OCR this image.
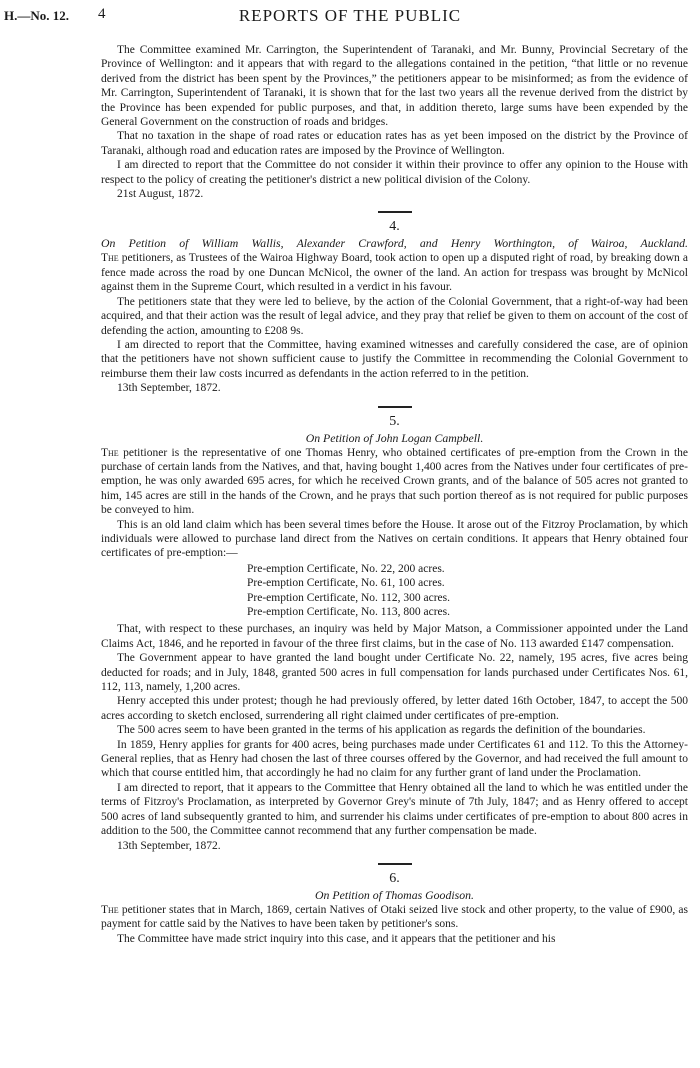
H.—No. 12. 4	REPORTS OF THE PUBLIC

The Committee examined Mr. Carrington, the Superintendent of Taranaki, and Mr. Bunny, Provincial Secretary of the Province of Wellington: and it appears that with regard to the allegations contained in the petition, “that little or no revenue derived from the district has been spent by the Provinces,” the petitioners appear to be misinformed; as from the evidence of Mr. Carrington, Superintendent of Taranaki, it is shown that for the last two years all the revenue derived from the district by the Province has been expended for public purposes, and that, in addition thereto, large sums have been expended by the General Government on the construction of roads and bridges.

That no taxation in the shape of road rates or education rates has as yet been imposed on the district by the Province of Taranaki, although road and education rates are imposed by the Province of Wellington.

I am directed to report that the Committee do not consider it within their province to offer any opinion to the House with respect to the policy of creating the petitioner's district a new political division of the Colony.

21st August, 1872.

4.
On Petition of William Wallis, Alexander Crawford, and Henry Worthington, of Wairoa, Auckland.

The petitioners, as Trustees of the Wairoa Highway Board, took action to open up a disputed right of road, by breaking down a fence made across the road by one Duncan McNicol, the owner of the land. An action for trespass was brought by McNicol against them in the Supreme Court, which resulted in a verdict in his favour.

The petitioners state that they were led to believe, by the action of the Colonial Government, that a right-of-way had been acquired, and that their action was the result of legal advice, and they pray that relief be given to them on account of the cost of defending the action, amounting to £208 9s.

I am directed to report that the Committee, having examined witnesses and carefully considered the case, are of opinion that the petitioners have not shown sufficient cause to justify the Committee in recommending the Colonial Government to reimburse them their law costs incurred as defendants in the action referred to in the petition.

13th September, 1872.

5.
On Petition of John Logan Campbell.

The petitioner is the representative of one Thomas Henry, who obtained certificates of pre-emption from the Crown in the purchase of certain lands from the Natives, and that, having bought 1,400 acres from the Natives under four certificates of pre-emption, he was only awarded 695 acres, for which he received Crown grants, and of the balance of 505 acres not granted to him, 145 acres are still in the hands of the Crown, and he prays that such portion thereof as is not required for public purposes be conveyed to him.

This is an old land claim which has been several times before the House. It arose out of the Fitzroy Proclamation, by which individuals were allowed to purchase land direct from the Natives on certain conditions. It appears that Henry obtained four certificates of pre-emption:—

Pre-emption Certificate, No. 22, 200 acres.
Pre-emption Certificate, No. 61, 100 acres.
Pre-emption Certificate, No. 112, 300 acres.
Pre-emption Certificate, No. 113, 800 acres.

That, with respect to these purchases, an inquiry was held by Major Matson, a Commissioner appointed under the Land Claims Act, 1846, and he reported in favour of the three first claims, but in the case of No. 113 awarded £147 compensation.

The Government appear to have granted the land bought under Certificate No. 22, namely, 195 acres, five acres being deducted for roads; and in July, 1848, granted 500 acres in full compensation for lands purchased under Certificates Nos. 61, 112, 113, namely, 1,200 acres.

Henry accepted this under protest; though he had previously offered, by letter dated 16th October, 1847, to accept the 500 acres according to sketch enclosed, surrendering all right claimed under certificates of pre-emption.

The 500 acres seem to have been granted in the terms of his application as regards the definition of the boundaries.

In 1859, Henry applies for grants for 400 acres, being purchases made under Certificates 61 and 112. To this the Attorney-General replies, that as Henry had chosen the last of three courses offered by the Governor, and had received the full amount to which that course entitled him, that accordingly he had no claim for any further grant of land under the Proclamation.

I am directed to report, that it appears to the Committee that Henry obtained all the land to which he was entitled under the terms of Fitzroy's Proclamation, as interpreted by Governor Grey's minute of 7th July, 1847; and as Henry offered to accept 500 acres of land subsequently granted to him, and surrender his claims under certificates of pre-emption to about 800 acres in addition to the 500, the Committee cannot recommend that any further compensation be made.

13th September, 1872.

6.
On Petition of Thomas Goodison.

The petitioner states that in March, 1869, certain Natives of Otaki seized live stock and other property, to the value of £900, as payment for cattle said by the Natives to have been taken by petitioner's sons.

The Committee have made strict inquiry into this case, and it appears that the petitioner and his
